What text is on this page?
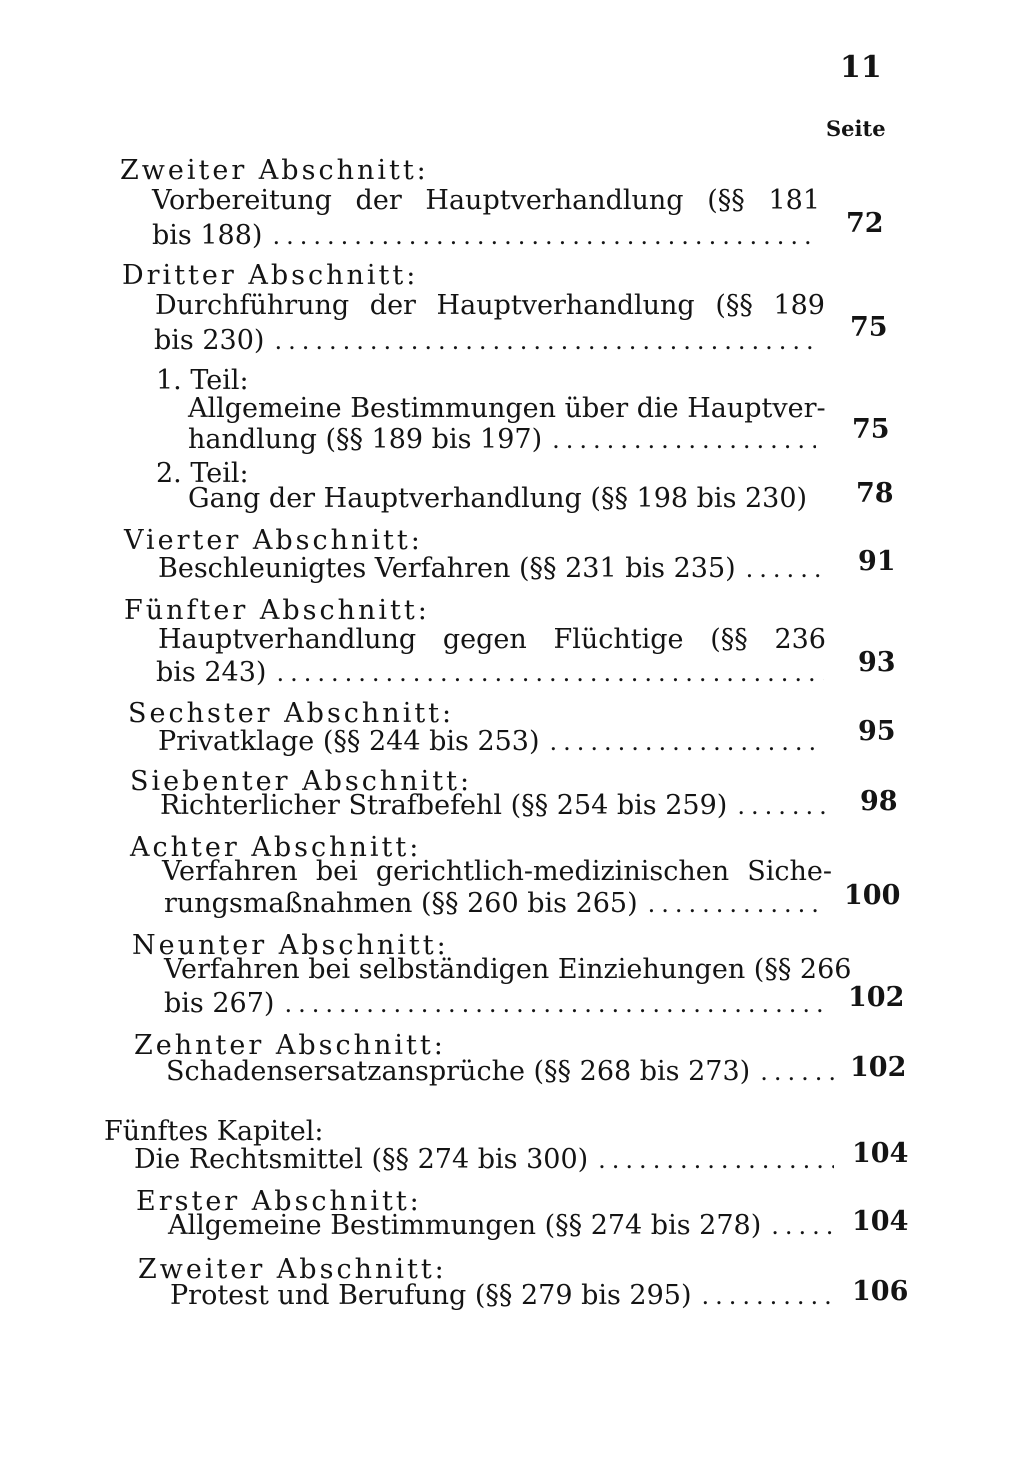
11
Seite
Zweiter Abschnitt:
Vorbereitung der Hauptverhandlung (§§ 181
bis 188) .....	72
Dritter Abschnitt:
Durchführung der Hauptverhandlung (§§ 189
bis 230) .....	75
1. Teil:
Allgemeine Bestimmungen über die Hauptver-
handlung (§§ 189 bis 197) .....	75
2. Teil:
Gang der Hauptverhandlung (§§ 198 bis 230) 78
Vierter Abschnitt:
Beschleunigtes Verfahren (§§ 231 bis 235) .....	91
Fünfter Abschnitt:
Hauptverhandlung gegen Flüchtige (§§ 236
bis 243) .....	93
Sechster Abschnitt:
Privatklage (§§ 244 bis 253) .....	95
Siebenter Abschnitt:
Richterlicher Strafbefehl (§§ 254 bis 259) .....	98
Achter Abschnitt:
Verfahren bei gerichtlich-medizinischen Siche-
rungsmaßnahmen (§§ 260 bis 265) .....	100
Neunter Abschnitt:
Verfahren bei selbständigen Einziehungen (§§ 266
bis 267) .....	102
Zehnter Abschnitt:
Schadensersatzansprüche (§§ 268 bis 273) .....	102
Fünftes Kapitel:
Die Rechtsmittel (§§ 274 bis 300) .....	104
Erster Abschnitt:
Allgemeine Bestimmungen (§§ 274 bis 278) .....	104
Zweiter Abschnitt:
Protest und Berufung (§§ 279 bis 295) .....	106
